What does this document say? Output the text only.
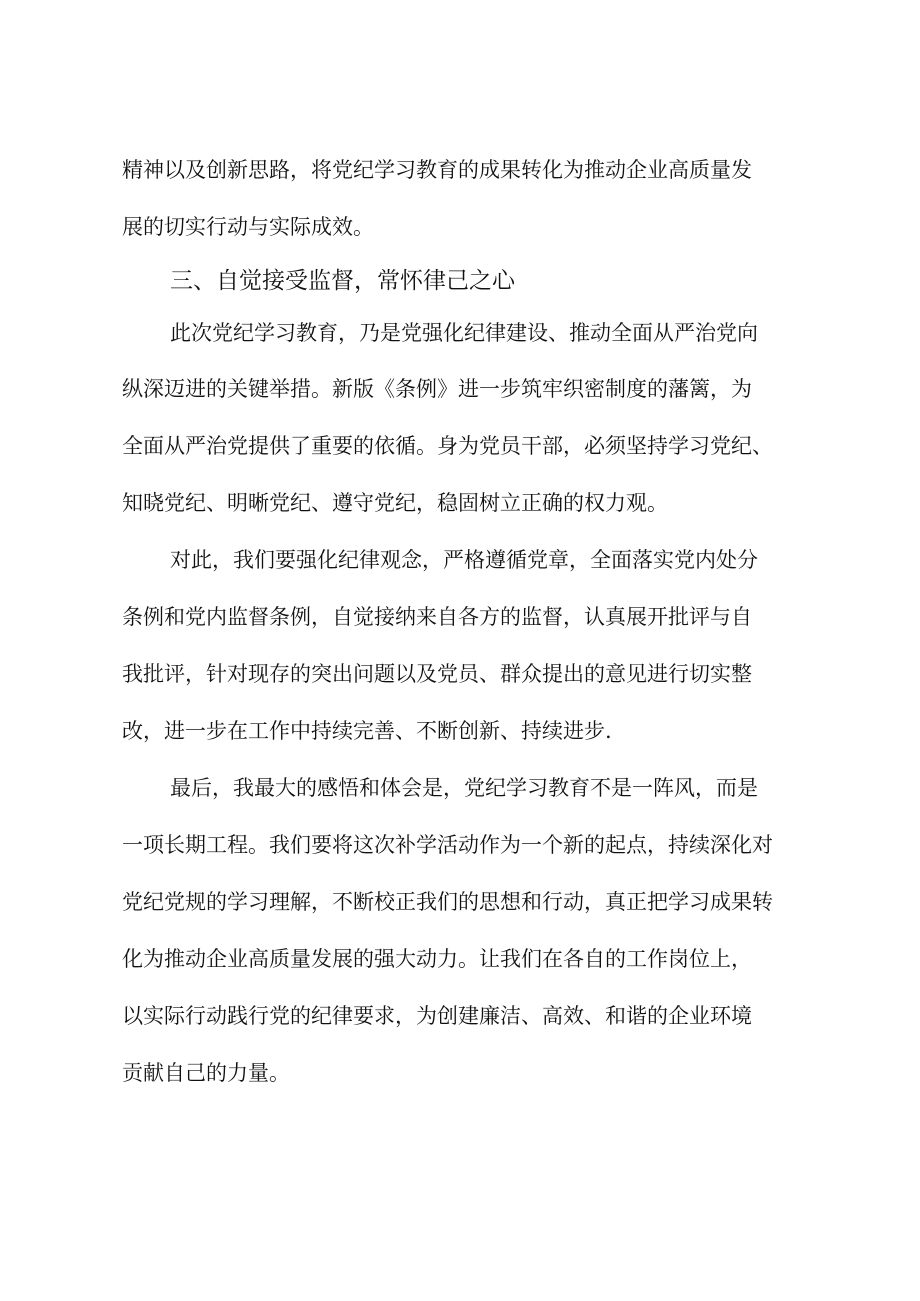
精神以及创新思路，将党纪学习教育的成果转化为推动企业高质量发
展的切实行动与实际成效。
三、自觉接受监督，常怀律己之心
此次党纪学习教育，乃是党强化纪律建设、推动全面从严治党向
纵深迈进的关键举措。新版《条例》进一步筑牢织密制度的藩篱，为
全面从严治党提供了重要的依循。身为党员干部，必须坚持学习党纪、
知晓党纪、明晰党纪、遵守党纪，稳固树立正确的权力观。
对此，我们要强化纪律观念，严格遵循党章，全面落实党内处分
条例和党内监督条例，自觉接纳来自各方的监督，认真展开批评与自
我批评，针对现存的突出问题以及党员、群众提出的意见进行切实整
改，进一步在工作中持续完善、不断创新、持续进步.
最后，我最大的感悟和体会是，党纪学习教育不是一阵风，而是
一项长期工程。我们要将这次补学活动作为一个新的起点，持续深化对
党纪党规的学习理解，不断校正我们的思想和行动，真正把学习成果转
化为推动企业高质量发展的强大动力。让我们在各自的工作岗位上，
以实际行动践行党的纪律要求，为创建廉洁、高效、和谐的企业环境
贡献自己的力量。
